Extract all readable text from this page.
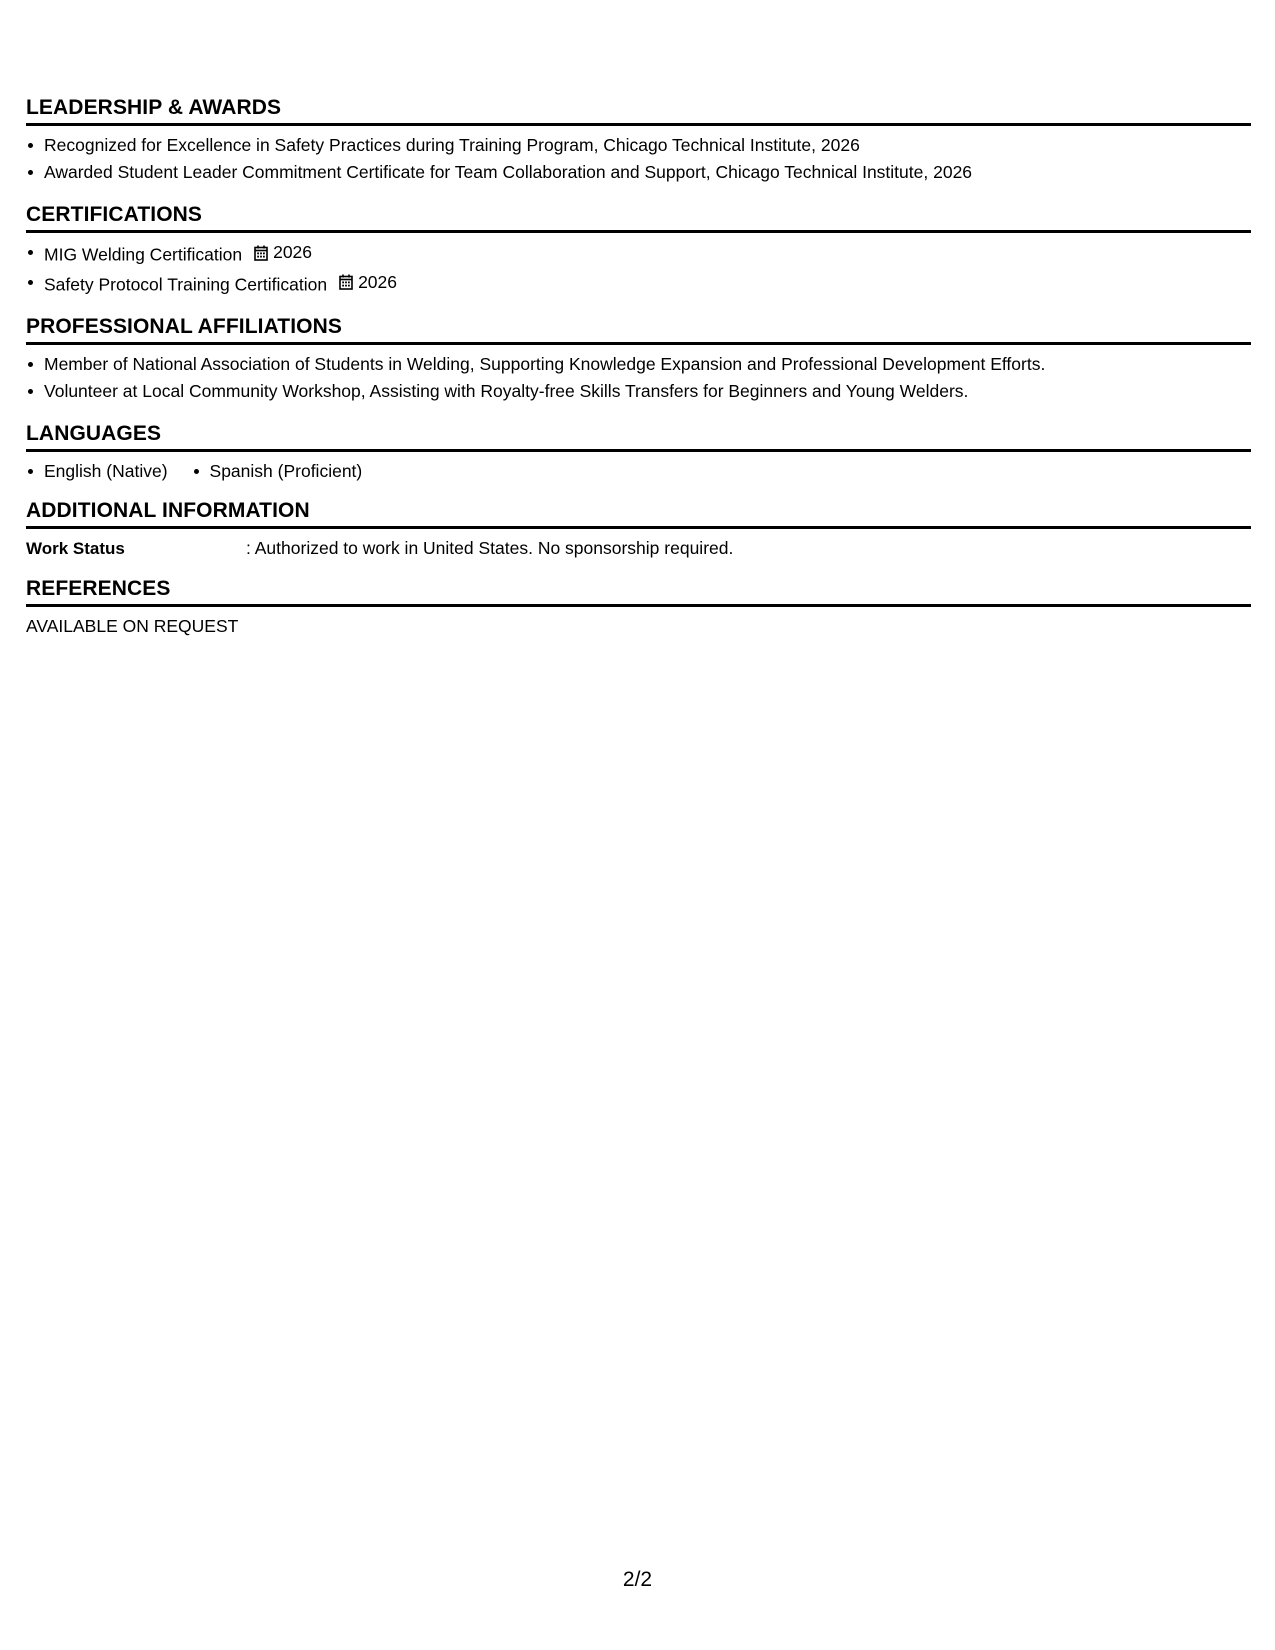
LEADERSHIP & AWARDS
Recognized for Excellence in Safety Practices during Training Program, Chicago Technical Institute, 2026
Awarded Student Leader Commitment Certificate for Team Collaboration and Support, Chicago Technical Institute, 2026
CERTIFICATIONS
MIG Welding Certification 2026
Safety Protocol Training Certification 2026
PROFESSIONAL AFFILIATIONS
Member of National Association of Students in Welding, Supporting Knowledge Expansion and Professional Development Efforts.
Volunteer at Local Community Workshop, Assisting with Royalty-free Skills Transfers for Beginners and Young Welders.
LANGUAGES
English (Native)	Spanish (Proficient)
ADDITIONAL INFORMATION
Work Status	: Authorized to work in United States. No sponsorship required.
REFERENCES
AVAILABLE ON REQUEST
2/2
